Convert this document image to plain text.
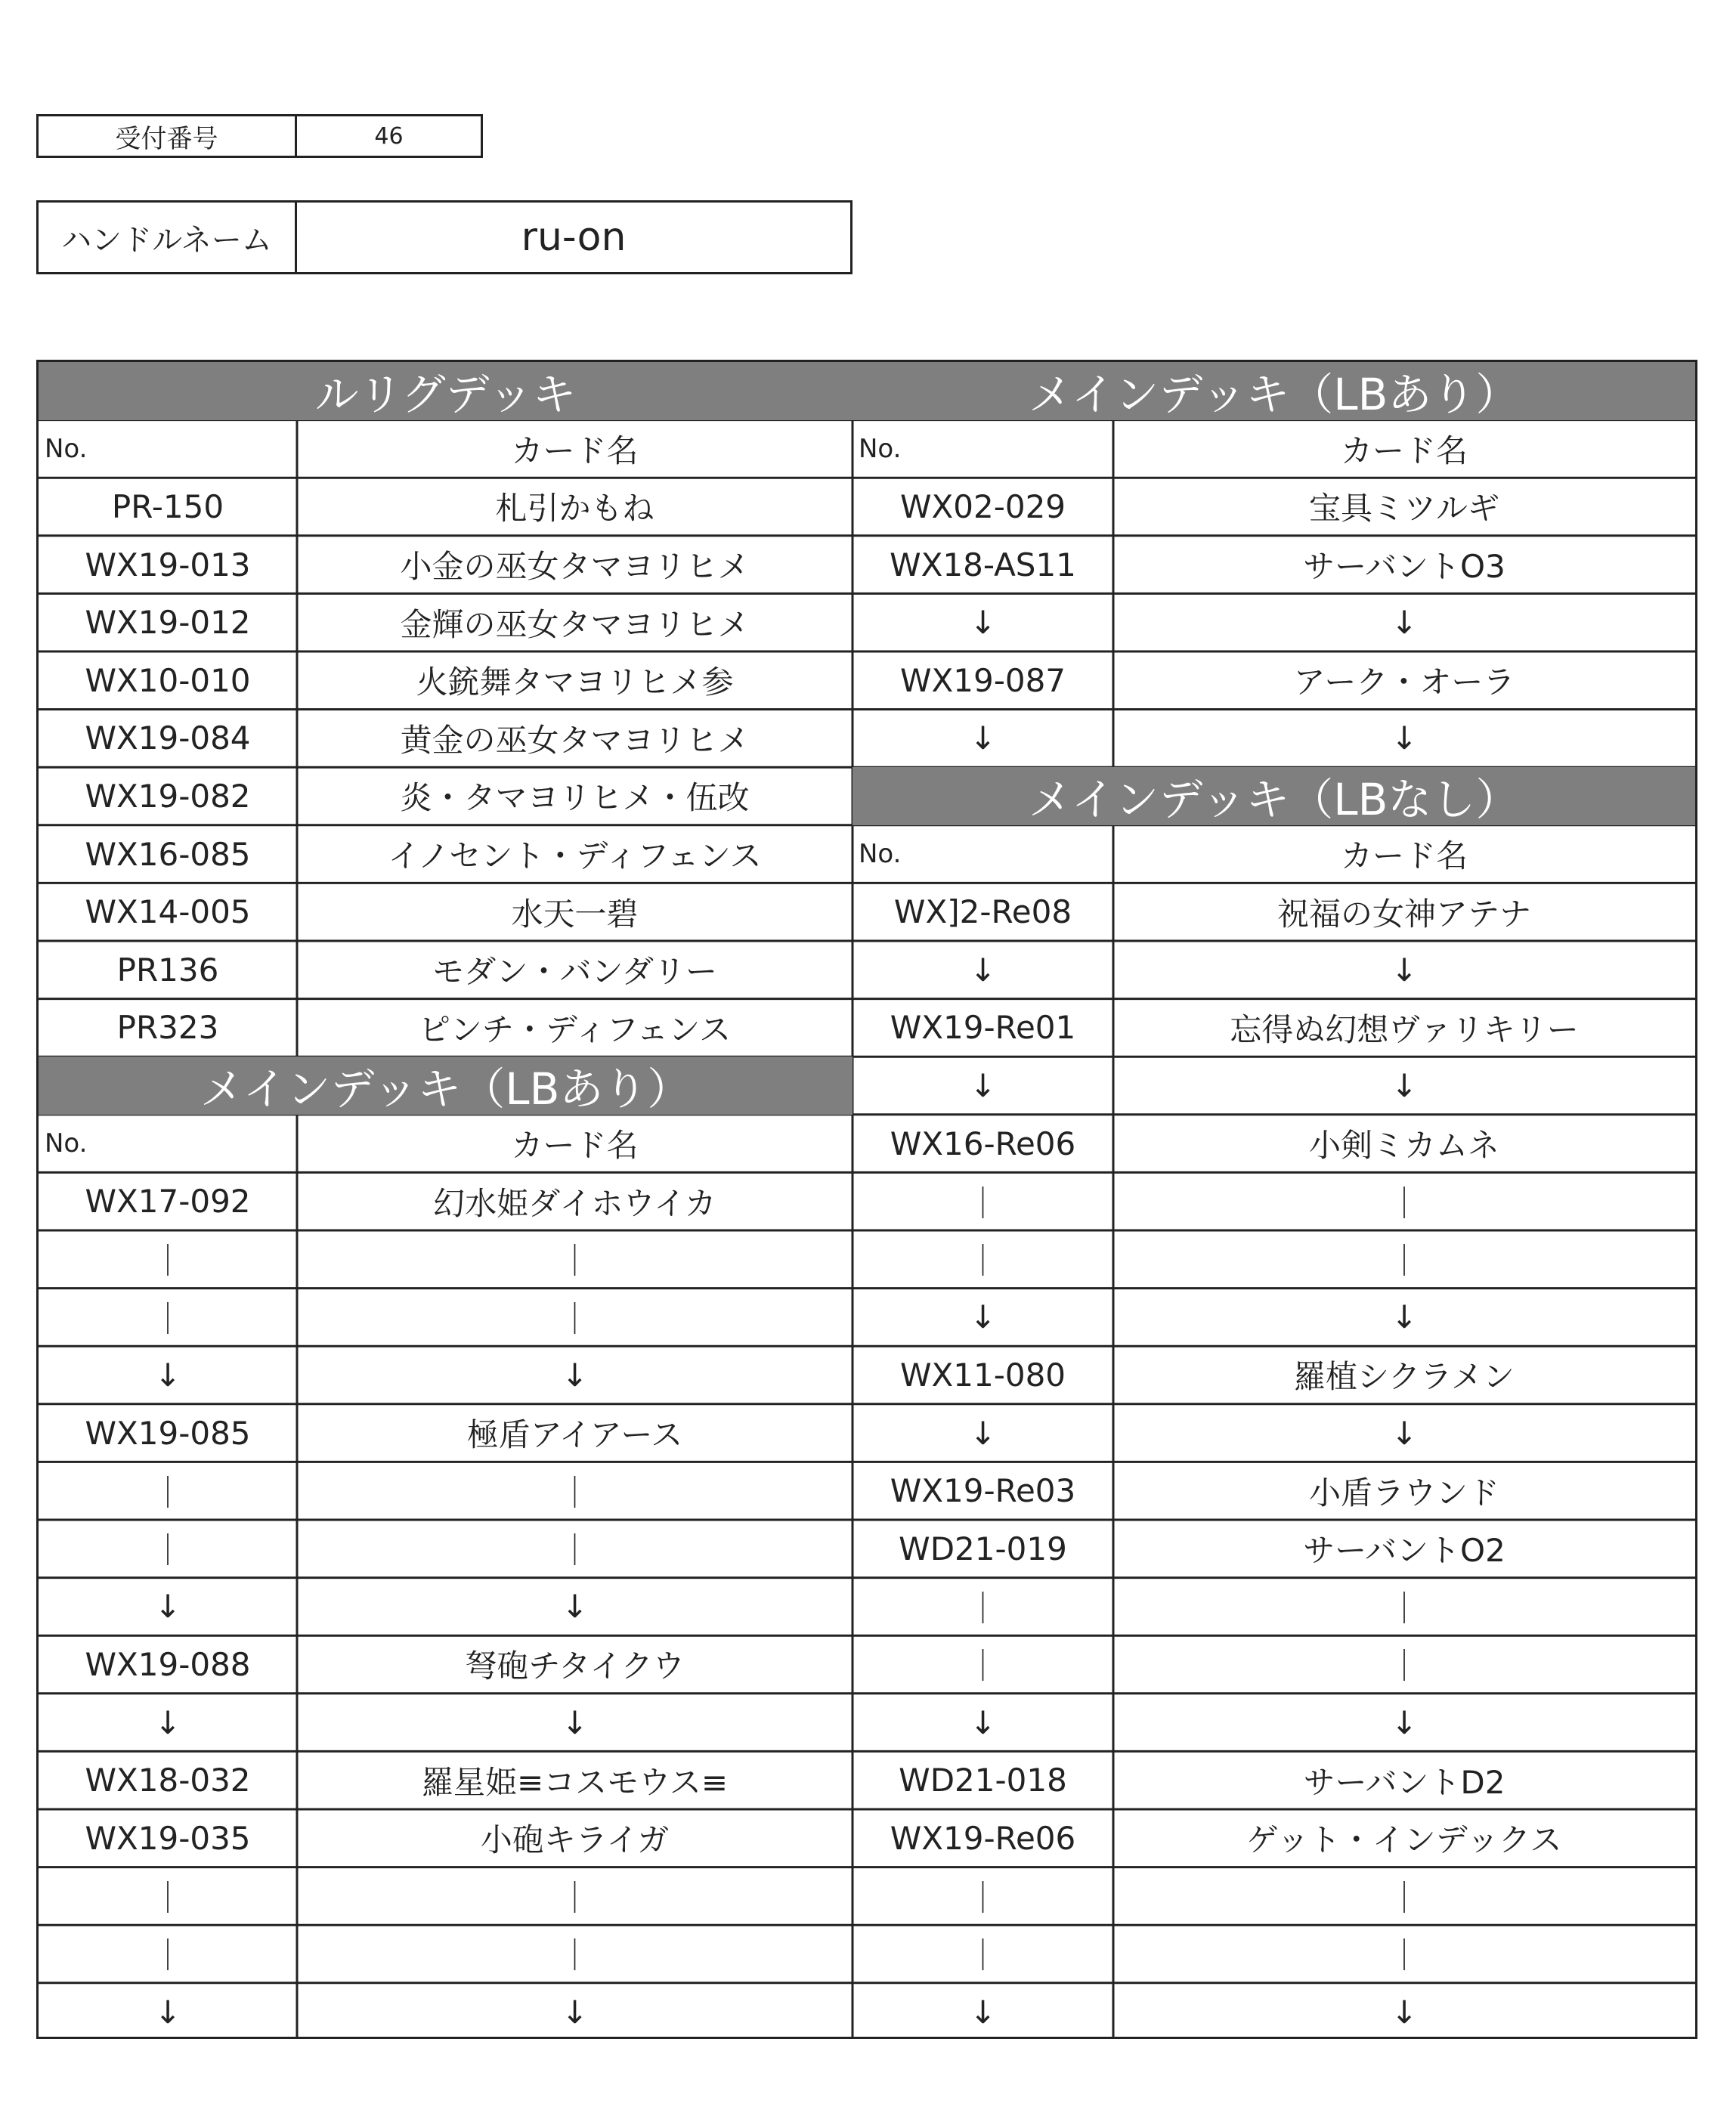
受付番号	46
ハンドルネーム	ru-on
ルリグデッキ
No.	カード名
PR-150	札引かもね
WX19-013	小金の巫女タマヨリヒメ
WX19-012	金輝の巫女タマヨリヒメ
WX10-010	火銃舞タマヨリヒメ参
WX19-084	黄金の巫女タマヨリヒメ
WX19-082	炎・タマヨリヒメ・伍改
WX16-085	イノセント・ディフェンス
WX14-005	水天一碧
PR136	モダン・バンダリー
PR323	ピンチ・ディフェンス
メインデッキ（LBあり）
No.	カード名
WX17-092	幻水姫ダイホウイカ
｜	｜
｜	｜
↓	↓
WX19-085	極盾アイアース
｜	｜
｜	｜
↓	↓
WX19-088	弩砲チタイクウ
↓	↓
WX18-032	羅星姫≡コスモウス≡
WX19-035	小砲キライガ
｜	｜
｜	｜
↓	↓
メインデッキ（LBあり）
No.	カード名
WX02-029	宝具ミツルギ
WX18-AS11	サーバントO3
↓	↓
WX19-087	アーク・オーラ
↓	↓
メインデッキ（LBなし）
No.	カード名
WX]2-Re08	祝福の女神アテナ
↓	↓
WX19-Re01	忘得ぬ幻想ヴァリキリー
↓	↓
WX16-Re06	小剣ミカムネ
｜	｜
｜	｜
↓	↓
WX11-080	羅植シクラメン
↓	↓
WX19-Re03	小盾ラウンド
WD21-019	サーバントO2
｜	｜
｜	｜
↓	↓
WD21-018	サーバントD2
WX19-Re06	ゲット・インデックス
｜	｜
｜	｜
↓	↓
